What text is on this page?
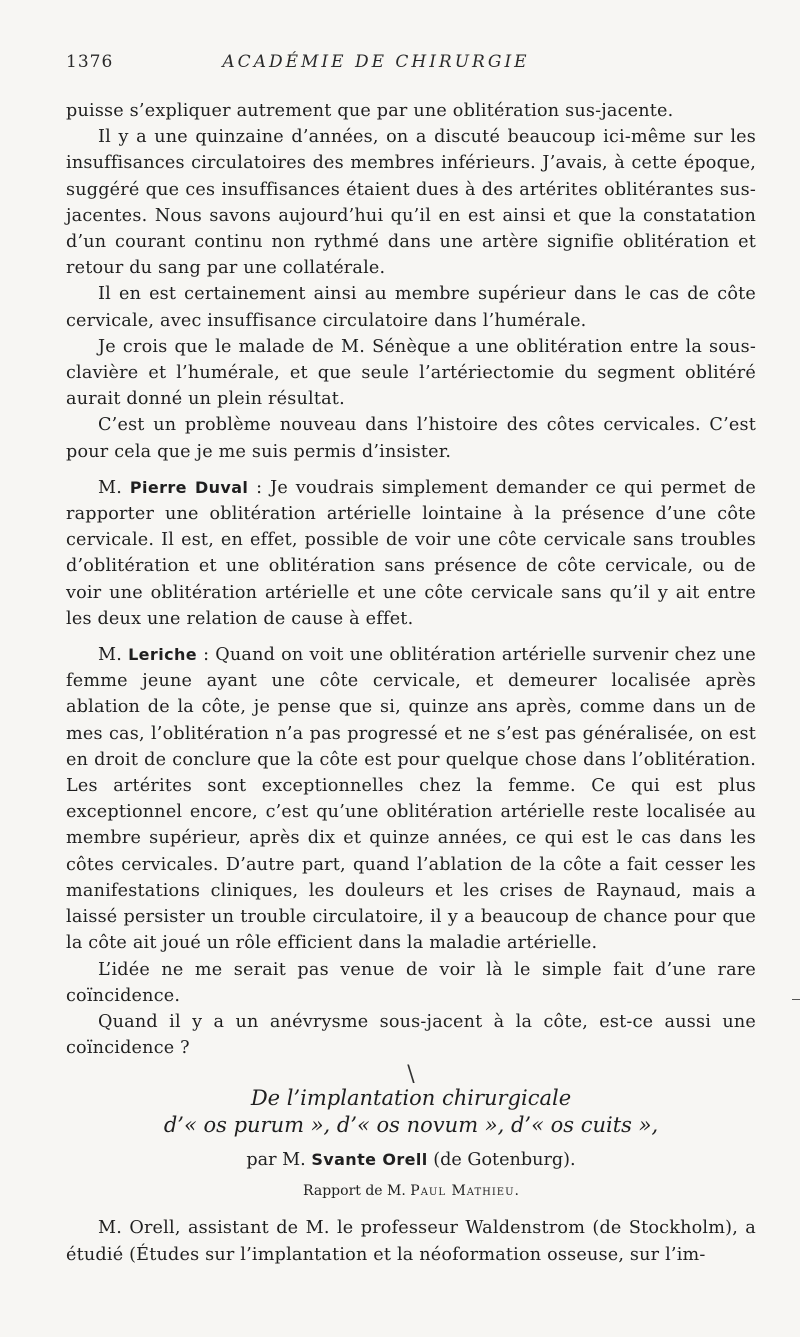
1376	ACADÉMIE DE CHIRURGIE

puisse s’expliquer autrement que par une oblitération sus-jacente.

Il y a une quinzaine d’années, on a discuté beaucoup ici-même sur les insuffisances circulatoires des membres inférieurs. J’avais, à cette époque, suggéré que ces insuffisances étaient dues à des artérites oblitérantes sus-jacentes. Nous savons aujourd’hui qu’il en est ainsi et que la constatation d’un courant continu non rythmé dans une artère signifie oblitération et retour du sang par une collatérale.

Il en est certainement ainsi au membre supérieur dans le cas de côte cervicale, avec insuffisance circulatoire dans l’humérale.

Je crois que le malade de M. Sénèque a une oblitération entre la sous-clavière et l’humérale, et que seule l’artériectomie du segment oblitéré aurait donné un plein résultat.

C’est un problème nouveau dans l’histoire des côtes cervicales. C’est pour cela que je me suis permis d’insister.

M. Pierre Duval : Je voudrais simplement demander ce qui permet de rapporter une oblitération artérielle lointaine à la présence d’une côte cervicale. Il est, en effet, possible de voir une côte cervicale sans troubles d’oblitération et une oblitération sans présence de côte cervicale, ou de voir une oblitération artérielle et une côte cervicale sans qu’il y ait entre les deux une relation de cause à effet.

M. Leriche : Quand on voit une oblitération artérielle survenir chez une femme jeune ayant une côte cervicale, et demeurer localisée après ablation de la côte, je pense que si, quinze ans après, comme dans un de mes cas, l’oblitération n’a pas progressé et ne s’est pas généralisée, on est en droit de conclure que la côte est pour quelque chose dans l’oblitération. Les artérites sont exceptionnelles chez la femme. Ce qui est plus exceptionnel encore, c’est qu’une oblitération artérielle reste localisée au membre supérieur, après dix et quinze années, ce qui est le cas dans les côtes cervicales. D’autre part, quand l’ablation de la côte a fait cesser les manifestations cliniques, les douleurs et les crises de Raynaud, mais a laissé persister un trouble circulatoire, il y a beaucoup de chance pour que la côte ait joué un rôle efficient dans la maladie artérielle.

L’idée ne me serait pas venue de voir là le simple fait d’une rare coïncidence.

Quand il y a un anévrysme sous-jacent à la côte, est-ce aussi une coïncidence ?

\
De l’implantation chirurgicale
d’« os purum », d’« os novum », d’« os cuits »,
par M. Svante Orell (de Gotenburg).
Rapport de M. Paul Mathieu.

M. Orell, assistant de M. le professeur Waldenstrom (de Stockholm), a étudié (Études sur l’implantation et la néoformation osseuse, sur l’im-
